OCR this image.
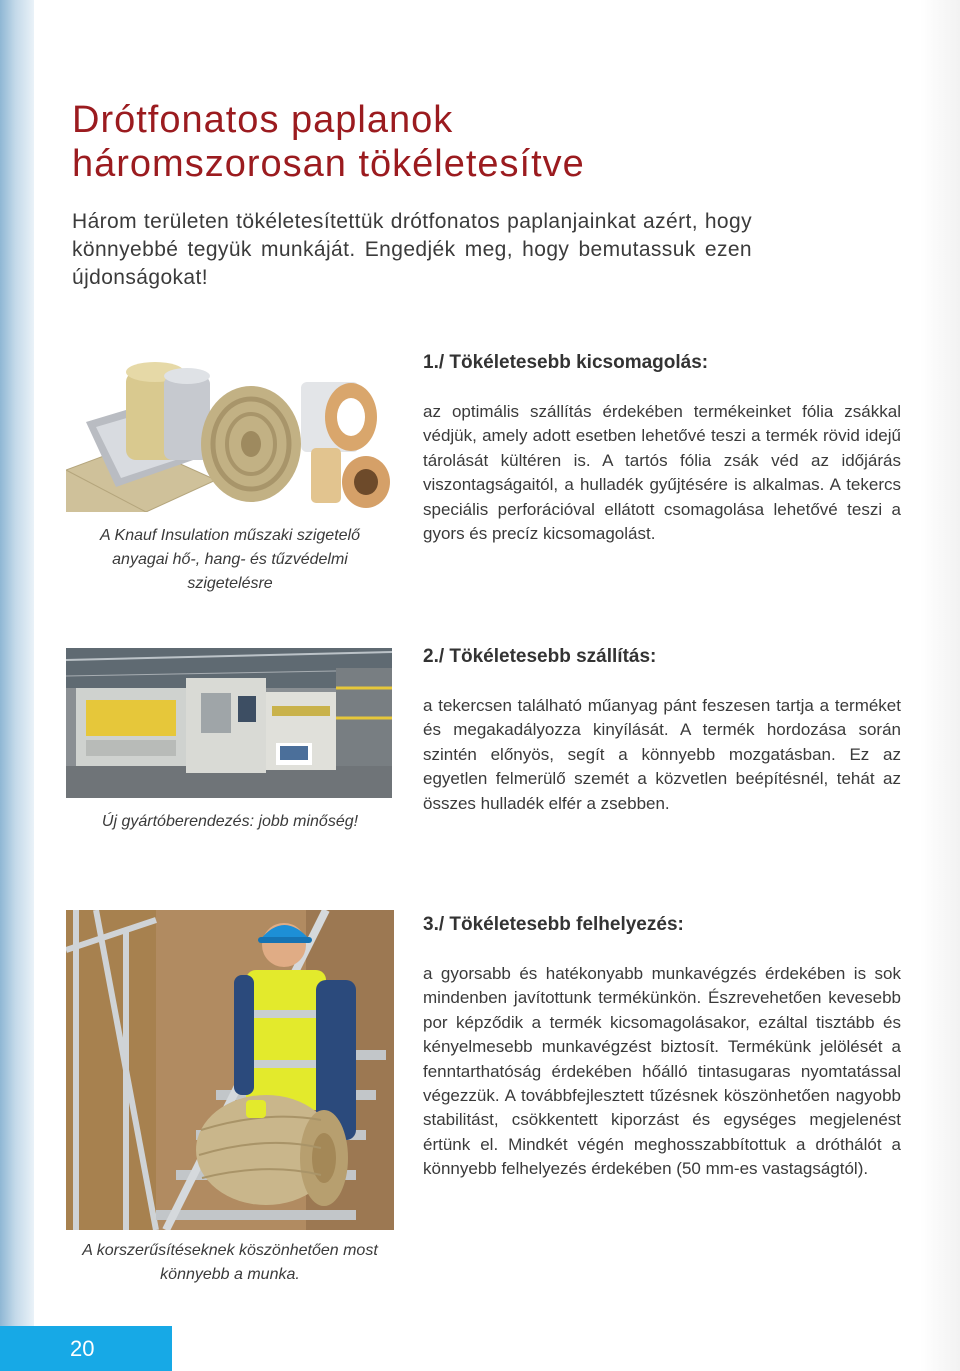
Drótfonatos paplanok
háromszorosan tökéletesítve

Három területen tökéletesítettük drótfonatos paplanjainkat azért, hogy könnyebbé tegyük munkáját. Engedjék meg, hogy bemutassuk ezen újdonságokat!

A Knauf Insulation műszaki szigetelő anyagai hő-, hang- és tűzvédelmi szigetelésre

Új gyártóberendezés: jobb minőség!

A korszerűsítéseknek köszönhetően most könnyebb a munka.

1./ Tökéletesebb kicsomagolás:

az optimális szállítás érdekében termékeinket fólia zsákkal védjük, amely adott esetben lehetővé teszi a termék rövid idejű tárolását kültéren is. A tartós fólia zsák véd az időjárás viszontagságaitól, a hulladék gyűjtésére is alkalmas. A tekercs speciális perforációval ellátott csomagolása lehetővé teszi a gyors és precíz kicsomagolást.

2./ Tökéletesebb szállítás:

a tekercsen található műanyag pánt feszesen tartja a terméket és megakadályozza kinyílását. A termék hordozása során szintén előnyös, segít a könnyebb mozgatásban. Ez az egyetlen felmerülő szemét a közvetlen beépítésnél, tehát az összes hulladék elfér a zsebben.

3./ Tökéletesebb felhelyezés:

a gyorsabb és hatékonyabb munkavégzés érdekében is sok mindenben javítottunk termékünkön. Észrevehetően kevesebb por képződik a termék kicsomagolásakor, ezáltal tisztább és kényelmesebb munkavégzést biztosít. Termékünk jelölését a fenntarthatóság érdekében hőálló tintasugaras nyomtatással végezzük. A továbbfejlesztett tűzésnek köszönhetően nagyobb stabilitást, csökkentett kiporzást és egységes megjelenést értünk el. Mindkét végén meghosszabbítottuk a dróthálót a könnyebb felhelyezés érdekében (50 mm-es vastagságtól).

20
